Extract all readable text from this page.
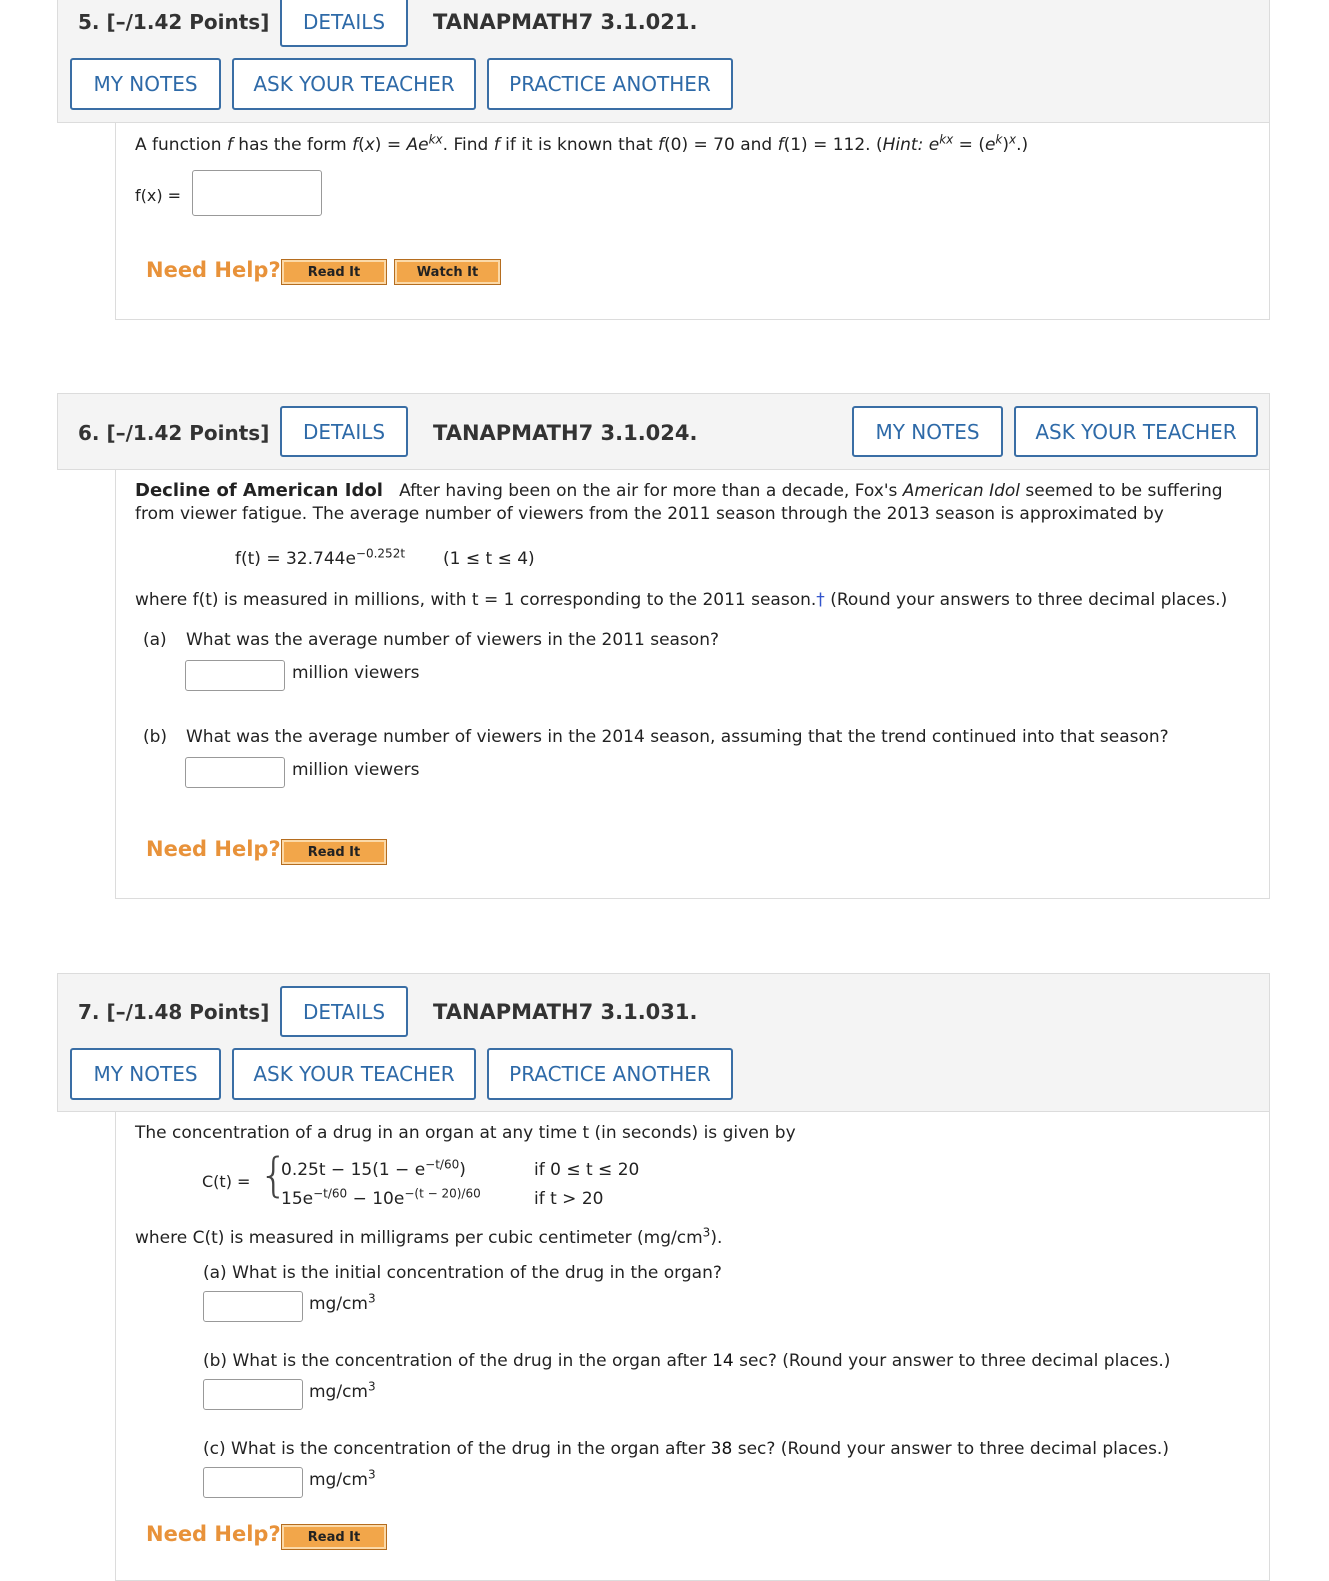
5. [–/1.42 Points]	DETAILS	TANAPMATH7 3.1.021.
MY NOTES	ASK YOUR TEACHER	PRACTICE ANOTHER
A function f has the form $f(x) = Ae^{kx}$. Find f if it is known that f(0) = 70 and f(1) = 112. (Hint: $e^{kx} = (e^k)^x$.)
f(x) =
Need Help?	Read It	Watch It
6. [–/1.42 Points]	DETAILS	TANAPMATH7 3.1.024.	MY NOTES	ASK YOUR TEACHER
Decline of American Idol After having been on the air for more than a decade, Fox's American Idol seemed to be suffering
from viewer fatigue. The average number of viewers from the 2011 season through the 2013 season is approximated by
$f(t) = 32.744e^{-0.252t}$ (1 ≤ t ≤ 4)
where f(t) is measured in millions, with t = 1 corresponding to the 2011 season.† (Round your answers to three decimal places.)
(a) What was the average number of viewers in the 2011 season?
million viewers
(b) What was the average number of viewers in the 2014 season, assuming that the trend continued into that season?
million viewers
Need Help?	Read It
7. [–/1.48 Points]	DETAILS	TANAPMATH7 3.1.031.
MY NOTES	ASK YOUR TEACHER	PRACTICE ANOTHER
The concentration of a drug in an organ at any time t (in seconds) is given by
C(t) = {
$0.25t - 15(1 - e^{-t/60})$	if 0 ≤ t ≤ 20
$15e^{-t/60} - 10e^{-(t - 20)/60}$	if t > 20
where C(t) is measured in milligrams per cubic centimeter $(mg/cm^3)$.
(a) What is the initial concentration of the drug in the organ?
$mg/cm^3$
(b) What is the concentration of the drug in the organ after 14 sec? (Round your answer to three decimal places.)
$mg/cm^3$
(c) What is the concentration of the drug in the organ after 38 sec? (Round your answer to three decimal places.)
$mg/cm^3$
Need Help?	Read It
